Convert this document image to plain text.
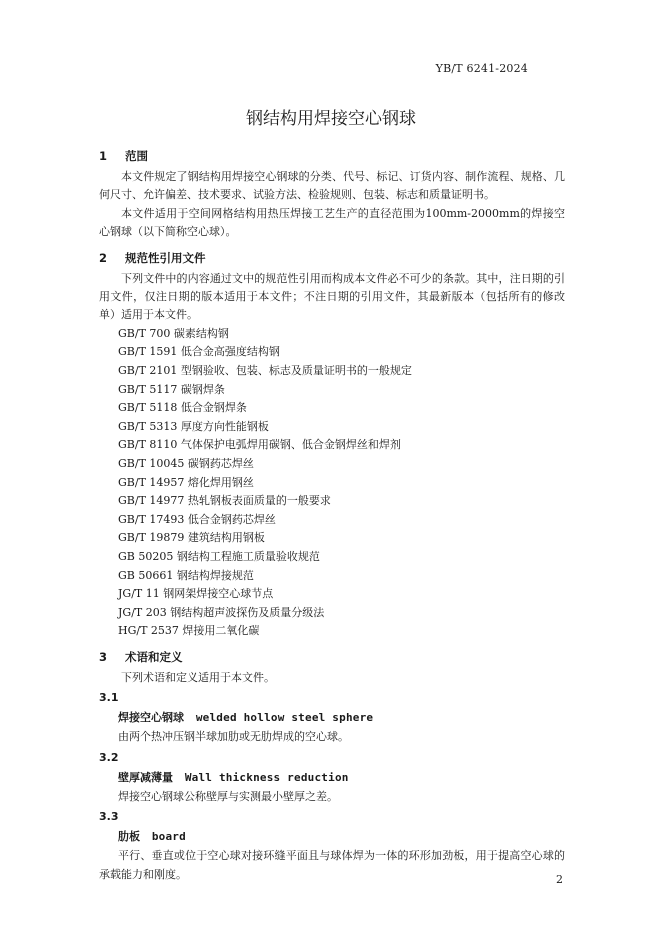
YB/T 6241-2024
钢结构用焊接空心钢球
1	范围

本文件规定了钢结构用焊接空心钢球的分类、代号、标记、订货内容、制作流程、规格、几何尺寸、允许偏差、技术要求、试验方法、检验规则、包装、标志和质量证明书。

本文件适用于空间网格结构用热压焊接工艺生产的直径范围为100mm-2000mm的焊接空心钢球（以下简称空心球）。

2	规范性引用文件

下列文件中的内容通过文中的规范性引用而构成本文件必不可少的条款。其中，注日期的引用文件，仅注日期的版本适用于本文件；不注日期的引用文件，其最新版本（包括所有的修改单）适用于本文件。

GB/T 700 碳素结构钢
GB/T 1591 低合金高强度结构钢
GB/T 2101 型钢验收、包装、标志及质量证明书的一般规定
GB/T 5117 碳钢焊条
GB/T 5118 低合金钢焊条
GB/T 5313 厚度方向性能钢板
GB/T 8110 气体保护电弧焊用碳钢、低合金钢焊丝和焊剂
GB/T 10045 碳钢药芯焊丝
GB/T 14957 熔化焊用钢丝
GB/T 14977 热轧钢板表面质量的一般要求
GB/T 17493 低合金钢药芯焊丝
GB/T 19879 建筑结构用钢板
GB 50205 钢结构工程施工质量验收规范
GB 50661 钢结构焊接规范
JG/T 11 钢网架焊接空心球节点
JG/T 203 钢结构超声波探伤及质量分级法
HG/T 2537 焊接用二氧化碳
3	术语和定义

下列术语和定义适用于本文件。

3.1
焊接空心钢球 welded hollow steel sphere
由两个热冲压钢半球加肋或无肋焊成的空心球。
3.2
壁厚减薄量 Wall thickness reduction
焊接空心钢球公称壁厚与实测最小壁厚之差。
3.3
肋板 board
平行、垂直或位于空心球对接环缝平面且与球体焊为一体的环形加劲板，用于提高空心球的承载能力和刚度。	2
